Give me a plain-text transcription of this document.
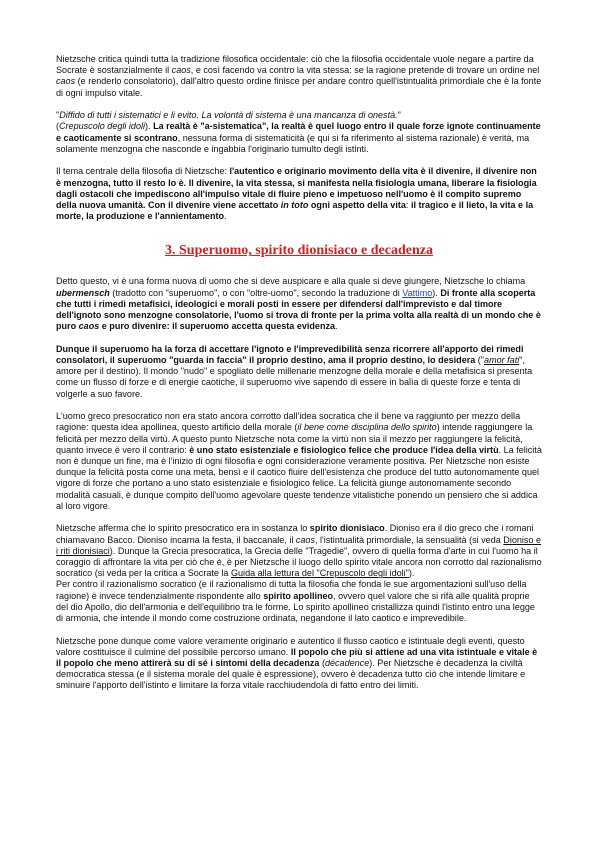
Nietzsche critica quindi tutta la tradizione filosofica occidentale: ciò che la filosofia occidentale vuole negare a partire da Socrate è sostanzialmente il caos, e così facendo va contro la vita stessa: se la ragione pretende di trovare un ordine nel caos (e renderlo consolatorio), dall'altro questo ordine finisce per andare contro quell'istintualità primordiale che è la fonte di ogni impulso vitale.

"Diffido di tutti i sistematici e li evito. La volontà di sistema è una mancanza di onestà."
(Crepuscolo degli idoli). La realtà è "a-sistematica", la realtà è quel luogo entro il quale forze ignote continuamente e caoticamente si scontrano, nessuna forma di sistematicità (e qui si fa riferimento al sistema razionale) è verità, ma solamente menzogna che nasconde e ingabbia l'originario tumulto degli istinti.

Il tema centrale della filosofia di Nietzsche: l'autentico e originario movimento della vita è il divenire, il divenire non è menzogna, tutto il resto lo è. Il divenire, la vita stessa, si manifesta nella fisiologia umana, liberare la fisiologia dagli ostacoli che impediscono all'impulso vitale di fluire pieno e impetuoso nell'uomo è il compito supremo della nuova umanità. Con il divenire viene accettato in toto ogni aspetto della vita: il tragico e il lieto, la vita e la morte, la produzione e l'annientamento.

3. Superuomo, spirito dionisiaco e decadenza

Detto questo, vi è una forma nuova di uomo che si deve auspicare e alla quale si deve giungere, Nietzsche lo chiama ubermensch (tradotto con "superuomo", o con "oltre-uomo", secondo la traduzione di Vattimo). Di fronte alla scoperta che tutti i rimedi metafisici, ideologici e morali posti in essere per difendersi dall'imprevisto e dal timore dell'ignoto sono menzogne consolatorie, l'uomo si trova di fronte per la prima volta alla realtà di un mondo che è puro caos e puro divenire: il superuomo accetta questa evidenza.

Dunque il superuomo ha la forza di accettare l'ignoto e l'imprevedibilità senza ricorrere all'apporto dei rimedi consolatori, il superuomo "guarda in faccia" il proprio destino, ama il proprio destino, lo desidera ("amor fati", amore per il destino). Il mondo "nudo" e spogliato delle millenarie menzogne della morale e della metafisica si presenta come un flusso di forze e di energie caotiche, il superuomo vive sapendo di essere in balìa di queste forze e tenta di volgerle a suo favore.

L'uomo greco presocratico non era stato ancora corrotto dall'idea socratica che il bene va raggiunto per mezzo della ragione: questa idea apollinea, questo artificio della morale (il bene come disciplina dello spirito) intende raggiungere la felicità per mezzo della virtù. A questo punto Nietzsche nota come la virtù non sia il mezzo per raggiungere la felicità, quanto invece è vero il contrario: è uno stato esistenziale e fisiologico felice che produce l'idea della virtù. La felicità non è dunque un fine, ma è l'inizio di ogni filosofia e ogni considerazione veramente positiva. Per Nietzsche non esiste dunque la felicità posta come una meta, bensì e il caotico fluire dell'esistenza che produce del tutto autonomamente quel vigore di forze che portano a uno stato esistenziale e fisiologico felice. La felicità giunge autonomamente secondo modalità casuali, è dunque compito dell'uomo agevolare queste tendenze vitalistiche ponendo un pensiero che si addica al loro vigore.

Nietzsche afferma che lo spirito presocratico era in sostanza lo spirito dionisiaco. Dioniso era il dio greco che i romani chiamavano Bacco. Dioniso incarna la festa, il baccanale, il caos, l'istintualità primordiale, la sensualità (si veda Dioniso e i riti dionisiaci). Dunque la Grecia presocratica, la Grecia delle "Tragedie", ovvero di quella forma d'arte in cui l'uomo ha il coraggio di affrontare la vita per ciò che è, è per Nietzsche il luogo dello spirito vitale ancora non corrotto dal razionalismo socratico (si veda per la critica a Socrate la Guida alla lettura del "Crepuscolo degli idoli").

Per contro il razionalismo socratico (e il razionalismo di tutta la filosofia che fonda le sue argomentazioni sull'uso della ragione) è invece tendenzialmente rispondente allo spirito apollineo, ovvero quel valore che si rifà alle qualità proprie del dio Apollo, dio dell'armonia e dell'equilibrio tra le forme. Lo spirito apollineo cristallizza quindi l'istinto entro una legge di armonia, che intende il mondo come costruzione ordinata, negandone il lato caotico e imprevedibile.

Nietzsche pone dunque come valore veramente originario e autentico il flusso caotico e istintuale degli eventi, questo valore costituisce il culmine del possibile percorso umano. Il popolo che più si attiene ad una vita istintuale e vitale è il popolo che meno attirerà su di sé i sintomi della decadenza (décadence). Per Nietzsche è decadenza la civiltà democratica stessa (e il sistema morale del quale è espressione), ovvero è decadenza tutto ciò che intende limitare e sminuire l'apporto dell'istinto e limitare la forza vitale racchiudendola di fatto entro dei limiti.
